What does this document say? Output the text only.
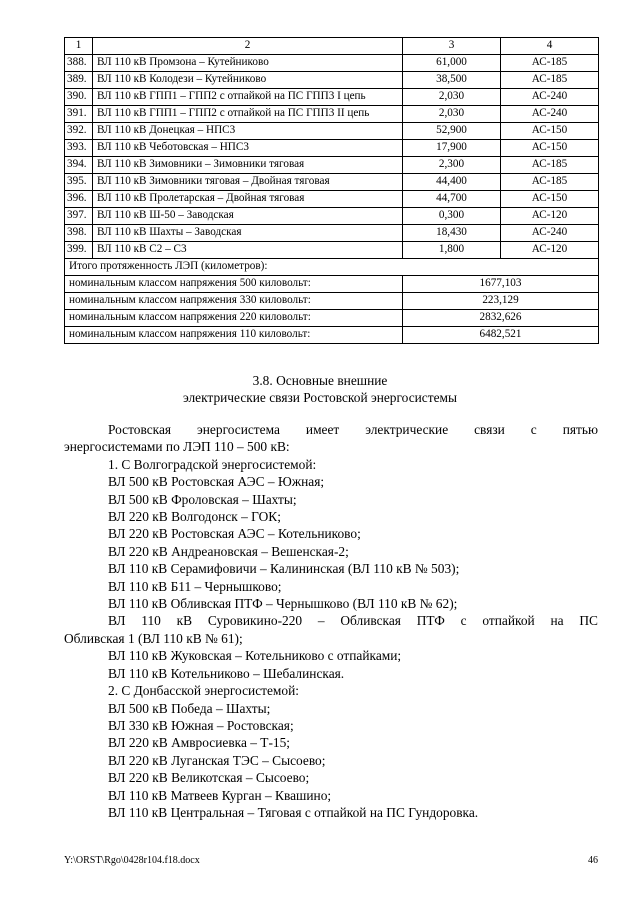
1	2	3	4
388.	ВЛ 110 кВ Промзона – Кутейниково	61,000	АС-185
389.	ВЛ 110 кВ Колодези – Кутейниково	38,500	АС-185
390.	ВЛ 110 кВ ГПП1 – ГПП2 с отпайкой на ПС ГПП3 I цепь	2,030	АС-240
391.	ВЛ 110 кВ ГПП1 – ГПП2 с отпайкой на ПС ГПП3 II цепь	2,030	АС-240
392.	ВЛ 110 кВ Донецкая – НПС3	52,900	АС-150
393.	ВЛ 110 кВ Чеботовская – НПС3	17,900	АС-150
394.	ВЛ 110 кВ Зимовники – Зимовники тяговая	2,300	АС-185
395.	ВЛ 110 кВ Зимовники тяговая – Двойная тяговая	44,400	АС-185
396.	ВЛ 110 кВ Пролетарская – Двойная тяговая	44,700	АС-150
397.	ВЛ 110 кВ Ш-50 – Заводская	0,300	АС-120
398.	ВЛ 110 кВ Шахты – Заводская	18,430	АС-240
399.	ВЛ 110 кВ С2 – С3	1,800	АС-120
Итого протяженность ЛЭП (километров):			
номинальным классом напряжения 500 киловольт:		1677,103	
номинальным классом напряжения 330 киловольт:		223,129	
номинальным классом напряжения 220 киловольт:		2832,626	
номинальным классом напряжения 110 киловольт:		6482,521	
3.8. Основные внешние
электрические связи Ростовской энергосистемы

Ростовская энергосистема имеет электрические связи с пятью

энергосистемами по ЛЭП 110 – 500 кВ:

1. С Волгоградской энергосистемой:

ВЛ 500 кВ Ростовская АЭС – Южная;

ВЛ 500 кВ Фроловская – Шахты;

ВЛ 220 кВ Волгодонск – ГОК;

ВЛ 220 кВ Ростовская АЭС – Котельниково;

ВЛ 220 кВ Андреановская – Вешенская-2;

ВЛ 110 кВ Серамифовичи – Калининская (ВЛ 110 кВ № 503);

ВЛ 110 кВ Б11 – Чернышково;

ВЛ 110 кВ Обливская ПТФ – Чернышково (ВЛ 110 кВ № 62);

ВЛ 110 кВ Суровикино-220 – Обливская ПТФ с отпайкой на ПС

Обливская 1 (ВЛ 110 кВ № 61);

ВЛ 110 кВ Жуковская – Котельниково с отпайками;

ВЛ 110 кВ Котельниково – Шебалинская.

2. С Донбасской энергосистемой:

ВЛ 500 кВ Победа – Шахты;

ВЛ 330 кВ Южная – Ростовская;

ВЛ 220 кВ Амвросиевка – Т-15;

ВЛ 220 кВ Луганская ТЭС – Сысоево;

ВЛ 220 кВ Великотская – Сысоево;

ВЛ 110 кВ Матвеев Курган – Квашино;

ВЛ 110 кВ Центральная – Тяговая с отпайкой на ПС Гундоровка.

Y:\ORST\Rgo\0428r104.f18.docx	46
